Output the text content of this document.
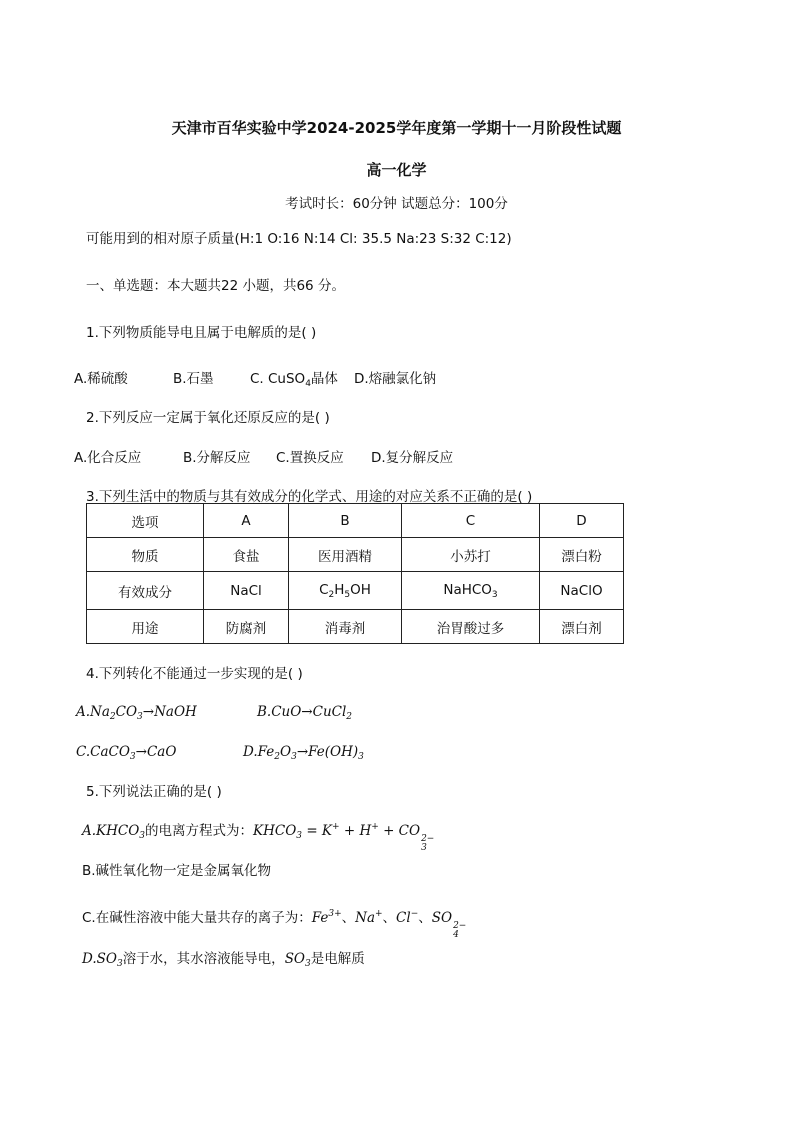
天津市百华实验中学2024-2025学年度第一学期十一月阶段性试题
高一化学
考试时长：60分钟 试题总分：100分
可能用到的相对原子质量(H:1 O:16 N:14 Cl: 35.5 Na:23 S:32 C:12)
一、单选题：本大题共22 小题，共66 分。
1.下列物质能导电且属于电解质的是( )
A.稀硫酸	B.石墨	C. CuSO$_4$晶体 D.熔融氯化钠
2.下列反应一定属于氧化还原反应的是( )
A.化合反应	B.分解反应 C.置换反应 D.复分解反应
3.下列生活中的物质与其有效成分的化学式、用途的对应关系不正确的是( )
选项	A	B	C	D
物质	食盐	医用酒精	小苏打	漂白粉
有效成分	NaCl	$C_2H_5OH$	NaHCO$_3$	NaClO
用途	防腐剂	消毒剂	治胃酸过多	漂白剂
4.下列转化不能通过一步实现的是( )
$A.Na_2CO_3\to NaOH$	B.CuO→CuCl$_2$
C.CaCO$_3$→CaO	$D.Fe_2O_3\to Fe(OH)_3$
5.下列说法正确的是( )
$A.KHCO_3$的电离方程式为：$KHCO_3 = K^+ + H^+$ + CO 2−
3
B.碱性氧化物一定是金属氧化物
C.在碱性溶液中能大量共存的离子为：$Fe^{3+}$、Na+、Cl−、SO 2−
4
$D.SO_3$溶于水，其水溶液能导电，$SO_3$是电解质
